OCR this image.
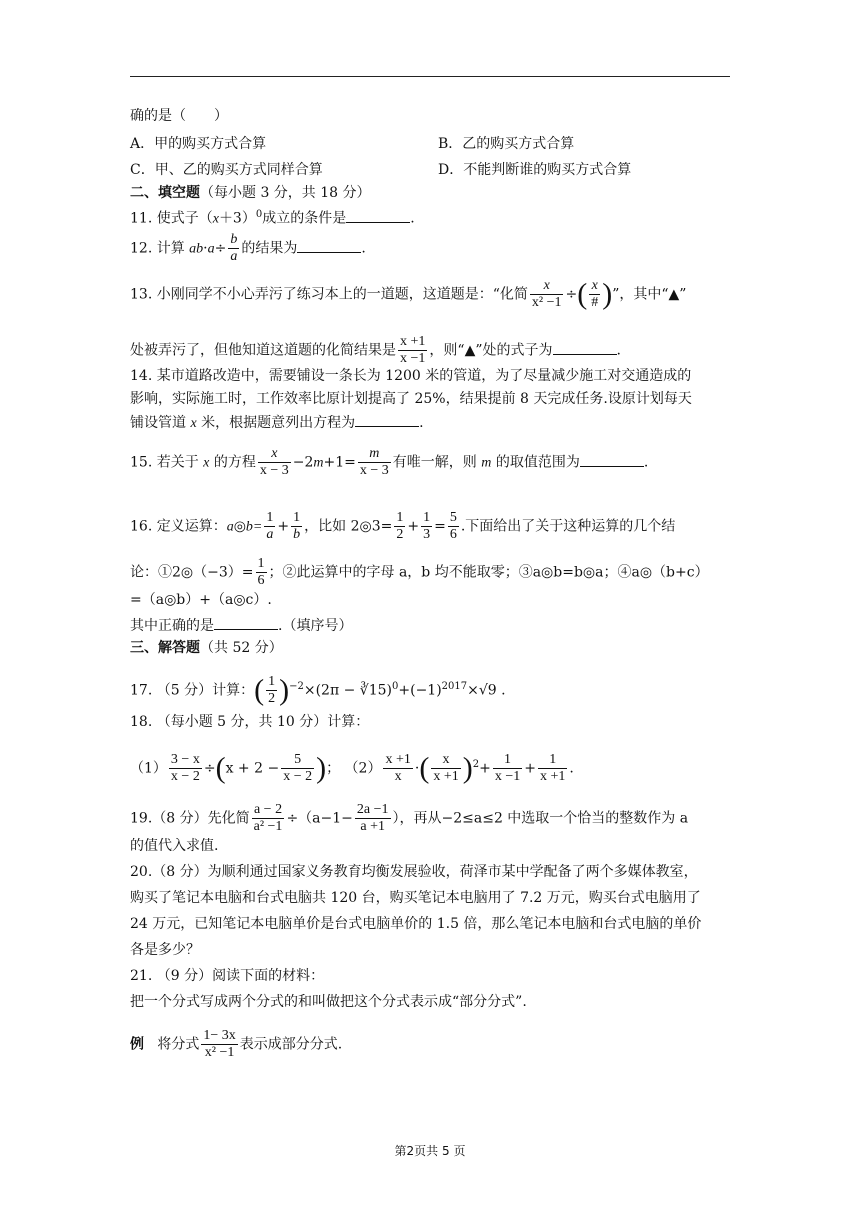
确的是（　　）
A．甲的购买方式合算	B．乙的购买方式合算
C．甲、乙的购买方式同样合算	D．不能判断谁的购买方式合算
二、填空题（每小题 3 分，共 18 分）
11. 使式子$(x+3)^0$成立的条件是	.
12. 计算 $ab\cdot a\div \frac{b}{a}$ 的结果为	.
13. 小刚同学不小心弄污了练习本上的一道题，这道题是：“化简 $\frac{x}{\text{x² −1}}$ ÷( $\frac{x}{\#}$ )”，其中“▲”
处被弄污了，但他知道这道题的化简结果是 $\frac{x +1}{x -1}$ ，则“▲”处的式子为	.
14. 某市道路改造中，需要铺设一条长为 1200 米的管道，为了尽量减少施工对交通造成的
影响，实际施工时，工作效率比原计划提高了 25%，结果提前 8 天完成任务.设原计划每天
铺设管道 x 米，根据题意列出方程为	.
15. 若关于 x 的方程 $\frac{x}{x - 3} -2m+1= \frac{m}{x - 3}$ 有唯一解，则 m 的取值范围为	.
16. 定义运算：a◎b= $\frac{1}{a} + \frac{1}{b}$ ，比如 2◎3= $\frac{1}{2} + \frac{1}{3} = \frac{5}{6}$ .下面给出了关于这种运算的几个结
论：①2◎（−3）= $\frac{1}{6}$ ；②此运算中的字母 a，b 均不能取零；③a◎b=b◎a；④a◎（b+c）
=（a◎b）+（a◎c）.
其中正确的是	.（填序号）
三、解答题（共 52 分）
17. （5 分）计算：( $\frac{1}{2} )^{-2}\times(2\pi$ − $∛15)^0+(-1)^{2017}\times√9$ .
18. （每小题 5 分，共 10 分）计算：
$(1) \frac{3 - x}{x - 2} \div(x + 2 - \frac{5}{x - 2}$ )； $(2) \frac{x +1}{x}$ ·( $\frac{x}{x +1} )^2+ \frac{1}{x -1} + \frac{1}{x +1}$ .
19.（8 分）先化简 $\frac{a - 2}{\text{a² −1}} \div(a-1- \frac{2a -1}{a +1}$ ），再从−2≤a≤2 中选取一个恰当的整数作为 a
的值代入求值.
20.（8 分）为顺利通过国家义务教育均衡发展验收，荷泽市某中学配备了两个多媒体教室，
购买了笔记本电脑和台式电脑共 120 台，购买笔记本电脑用了 7.2 万元，购买台式电脑用了
24 万元，已知笔记本电脑单价是台式电脑单价的 1.5 倍，那么笔记本电脑和台式电脑的单价
各是多少？
21. （9 分）阅读下面的材料：
把一个分式写成两个分式的和叫做把这个分式表示成“部分分式”.
例 将分式 $\frac{1- 3x}{\text{x² −1}}$ 表示成部分分式.
第2页共 5 页
